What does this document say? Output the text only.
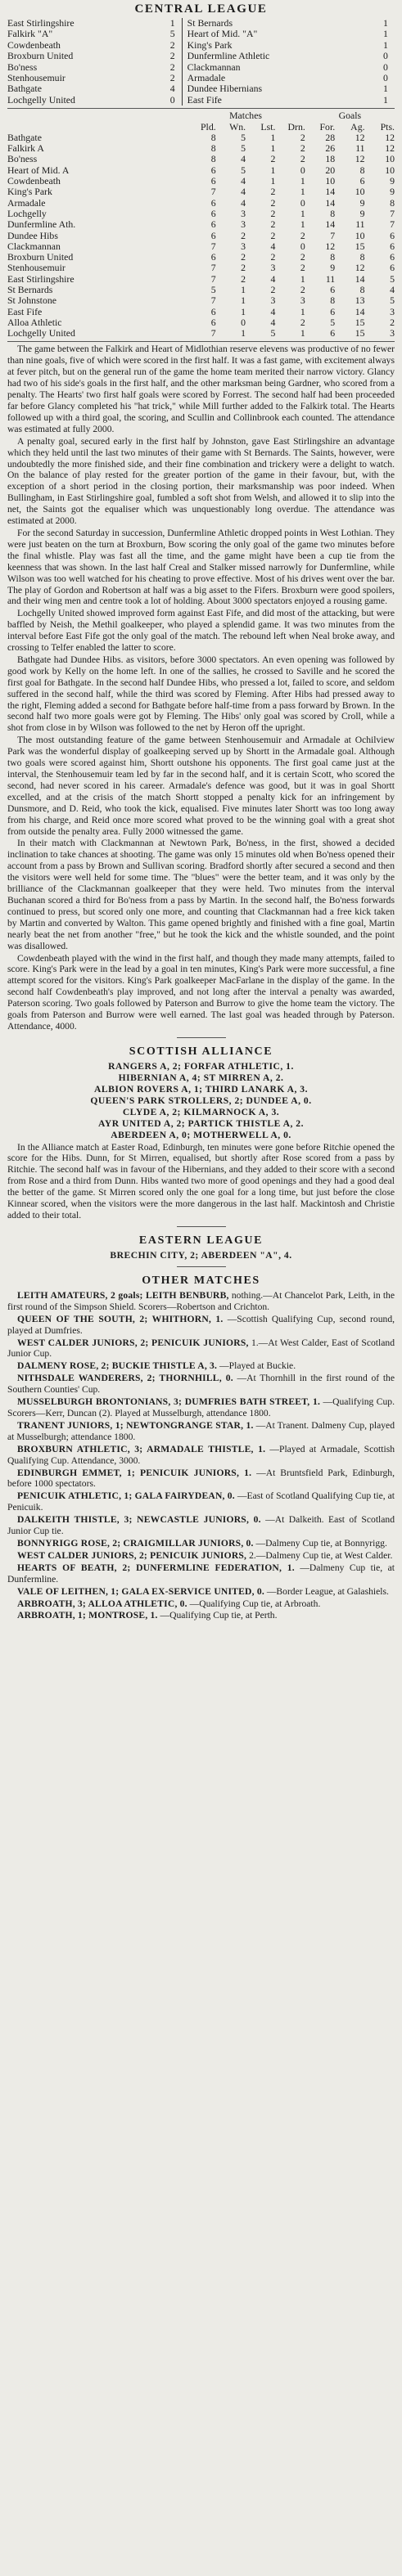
CENTRAL LEAGUE
East Stirlingshire	1		St Bernards	1
Falkirk "A"	5		Heart of Mid. "A"	1
Cowdenbeath	2		King's Park	1
Broxburn United	2		Dunfermline Athletic	0
Bo'ness	2		Clackmannan	0
Stenhousemuir	2		Armadale	0
Bathgate	4		Dundee Hibernians	1
Lochgelly United	0		East Fife	1
	Matches				Goals		
	Pld.	Wn.	Lst.	Drn.	For.	Ag.	Pts.
Bathgate	8	5	1	2	28	12	12
Falkirk A	8	5	1	2	26	11	12
Bo'ness	8	4	2	2	18	12	10
Heart of Mid. A	6	5	1	0	20	8	10
Cowdenbeath	6	4	1	1	10	6	9
King's Park	7	4	2	1	14	10	9
Armadale	6	4	2	0	14	9	8
Lochgelly	6	3	2	1	8	9	7
Dunfermline Ath.	6	3	2	1	14	11	7
Dundee Hibs	6	2	2	2	7	10	6
Clackmannan	7	3	4	0	12	15	6
Broxburn United	6	2	2	2	8	8	6
Stenhousemuir	7	2	3	2	9	12	6
East Stirlingshire	7	2	4	1	11	14	5
St Bernards	5	1	2	2	6	8	4
St Johnstone	7	1	3	3	8	13	5
East Fife	6	1	4	1	6	14	3
Alloa Athletic	6	0	4	2	5	15	2
Lochgelly United	7	1	5	1	6	15	3

The game between the Falkirk and Heart of Midlothian reserve elevens was productive of no fewer than nine goals, five of which were scored in the first half. It was a fast game, with excitement always at fever pitch, but on the general run of the game the home team merited their narrow victory. Glancy had two of his side's goals in the first half, and the other marksman being Gardner, who scored from a penalty. The Hearts' two first half goals were scored by Forrest. The second half had been proceeded far before Glancy completed his "hat trick," while Mill further added to the Falkirk total. The Hearts followed up with a third goal, the scoring, and Scullin and Collinbrook each counted. The attendance was estimated at fully 2000.

A penalty goal, secured early in the first half by Johnston, gave East Stirlingshire an advantage which they held until the last two minutes of their game with St Bernards. The Saints, however, were undoubtedly the more finished side, and their fine combination and trickery were a delight to watch. On the balance of play rested for the greater portion of the game in their favour, but, with the exception of a short period in the closing portion, their marksmanship was poor indeed. When Bullingham, in East Stirlingshire goal, fumbled a soft shot from Welsh, and allowed it to slip into the net, the Saints got the equaliser which was unquestionably long overdue. The attendance was estimated at 2000.

For the second Saturday in succession, Dunfermline Athletic dropped points in West Lothian. They were just beaten on the turn at Broxburn, Bow scoring the only goal of the game two minutes before the final whistle. Play was fast all the time, and the game might have been a cup tie from the keenness that was shown. In the last half Creal and Stalker missed narrowly for Dunfermline, while Wilson was too well watched for his cheating to prove effective. Most of his drives went over the bar. The play of Gordon and Robertson at half was a big asset to the Fifers. Broxburn were good spoilers, and their wing men and centre took a lot of holding. About 3000 spectators enjoyed a rousing game.

Lochgelly United showed improved form against East Fife, and did most of the attacking, but were baffled by Neish, the Methil goalkeeper, who played a splendid game. It was two minutes from the interval before East Fife got the only goal of the match. The rebound left when Neal broke away, and crossing to Telfer enabled the latter to score.

Bathgate had Dundee Hibs. as visitors, before 3000 spectators. An even opening was followed by good work by Kelly on the home left. In one of the sallies, he crossed to Saville and he scored the first goal for Bathgate. In the second half Dundee Hibs, who pressed a lot, failed to score, and seldom suffered in the second half, while the third was scored by Fleming. After Hibs had pressed away to the right, Fleming added a second for Bathgate before half-time from a pass forward by Brown. In the second half two more goals were got by Fleming. The Hibs' only goal was scored by Croll, while a shot from close in by Wilson was followed to the net by Heron off the upright.

The most outstanding feature of the game between Stenhousemuir and Armadale at Ochilview Park was the wonderful display of goalkeeping served up by Shortt in the Armadale goal. Although two goals were scored against him, Shortt outshone his opponents. The first goal came just at the interval, the Stenhousemuir team led by far in the second half, and it is certain Scott, who scored the second, had never scored in his career. Armadale's defence was good, but it was in goal Shortt excelled, and at the crisis of the match Shortt stopped a penalty kick for an infringement by Dunsmore, and D. Reid, who took the kick, equalised. Five minutes later Shortt was too long away from his charge, and Reid once more scored what proved to be the winning goal with a great shot from outside the penalty area. Fully 2000 witnessed the game.

In their match with Clackmannan at Newtown Park, Bo'ness, in the first, showed a decided inclination to take chances at shooting. The game was only 15 minutes old when Bo'ness opened their account from a pass by Brown and Sullivan scoring. Bradford shortly after secured a second and then the visitors were well held for some time. The "blues" were the better team, and it was only by the brilliance of the Clackmannan goalkeeper that they were held. Two minutes from the interval Buchanan scored a third for Bo'ness from a pass by Martin. In the second half, the Bo'ness forwards continued to press, but scored only one more, and counting that Clackmannan had a free kick taken by Martin and converted by Walton. This game opened brightly and finished with a fine goal, Martin nearly beat the net from another "free," but he took the kick and the whistle sounded, and the point was disallowed.

Cowdenbeath played with the wind in the first half, and though they made many attempts, failed to score. King's Park were in the lead by a goal in ten minutes, King's Park were more successful, a fine attempt scored for the visitors. King's Park goalkeeper MacFarlane in the display of the game. In the second half Cowdenbeath's play improved, and not long after the interval a penalty was awarded, Paterson scoring. Two goals followed by Paterson and Burrow to give the home team the victory. The goals from Paterson and Burrow were well earned. The last goal was headed through by Paterson. Attendance, 4000.

SCOTTISH ALLIANCE
RANGERS A, 2; FORFAR ATHLETIC, 1.
HIBERNIAN A, 4; ST MIRREN A, 2.
ALBION ROVERS A, 1; THIRD LANARK A, 3.
QUEEN'S PARK STROLLERS, 2; DUNDEE A, 0.
CLYDE A, 2; KILMARNOCK A, 3.
AYR UNITED A, 2; PARTICK THISTLE A, 2.
ABERDEEN A, 0; MOTHERWELL A, 0.

In the Alliance match at Easter Road, Edinburgh, ten minutes were gone before Ritchie opened the score for the Hibs. Dunn, for St Mirren, equalised, but shortly after Rose scored from a pass by Ritchie. The second half was in favour of the Hibernians, and they added to their score with a second from Rose and a third from Dunn. Hibs wanted two more of good openings and they had a good deal the better of the game. St Mirren scored only the one goal for a long time, but just before the close Kinnear scored, when the visitors were the more dangerous in the last half. Mackintosh and Christie added to their total.

EASTERN LEAGUE
BRECHIN CITY, 2; ABERDEEN "A", 4.
OTHER MATCHES

LEITH AMATEURS, 2 goals; LEITH BENBURB, nothing.—At Chancelot Park, Leith, in the first round of the Simpson Shield. Scorers—Robertson and Crichton.

QUEEN OF THE SOUTH, 2; WHITHORN, 1. —Scottish Qualifying Cup, second round, played at Dumfries.

WEST CALDER JUNIORS, 2; PENICUIK JUNIORS, 1.—At West Calder, East of Scotland Junior Cup.

DALMENY ROSE, 2; BUCKIE THISTLE A, 3. —Played at Buckie.

NITHSDALE WANDERERS, 2; THORNHILL, 0. —At Thornhill in the first round of the Southern Counties' Cup.

MUSSELBURGH BRONTONIANS, 3; DUMFRIES BATH STREET, 1. —Qualifying Cup. Scorers—Kerr, Duncan (2). Played at Musselburgh, attendance 1800.

TRANENT JUNIORS, 1; NEWTONGRANGE STAR, 1. —At Tranent. Dalmeny Cup, played at Musselburgh; attendance 1800.

BROXBURN ATHLETIC, 3; ARMADALE THISTLE, 1. —Played at Armadale, Scottish Qualifying Cup. Attendance, 3000.

EDINBURGH EMMET, 1; PENICUIK JUNIORS, 1. —At Bruntsfield Park, Edinburgh, before 1000 spectators.

PENICUIK ATHLETIC, 1; GALA FAIRYDEAN, 0. —East of Scotland Qualifying Cup tie, at Penicuik.

DALKEITH THISTLE, 3; NEWCASTLE JUNIORS, 0. —At Dalkeith. East of Scotland Junior Cup tie.

BONNYRIGG ROSE, 2; CRAIGMILLAR JUNIORS, 0. —Dalmeny Cup tie, at Bonnyrigg.

WEST CALDER JUNIORS, 2; PENICUIK JUNIORS, 2.—Dalmeny Cup tie, at West Calder.

HEARTS OF BEATH, 2; DUNFERMLINE FEDERATION, 1. —Dalmeny Cup tie, at Dunfermline.

VALE OF LEITHEN, 1; GALA EX-SERVICE UNITED, 0. —Border League, at Galashiels.

ARBROATH, 3; ALLOA ATHLETIC, 0. —Qualifying Cup tie, at Arbroath.

ARBROATH, 1; MONTROSE, 1. —Qualifying Cup tie, at Perth.
